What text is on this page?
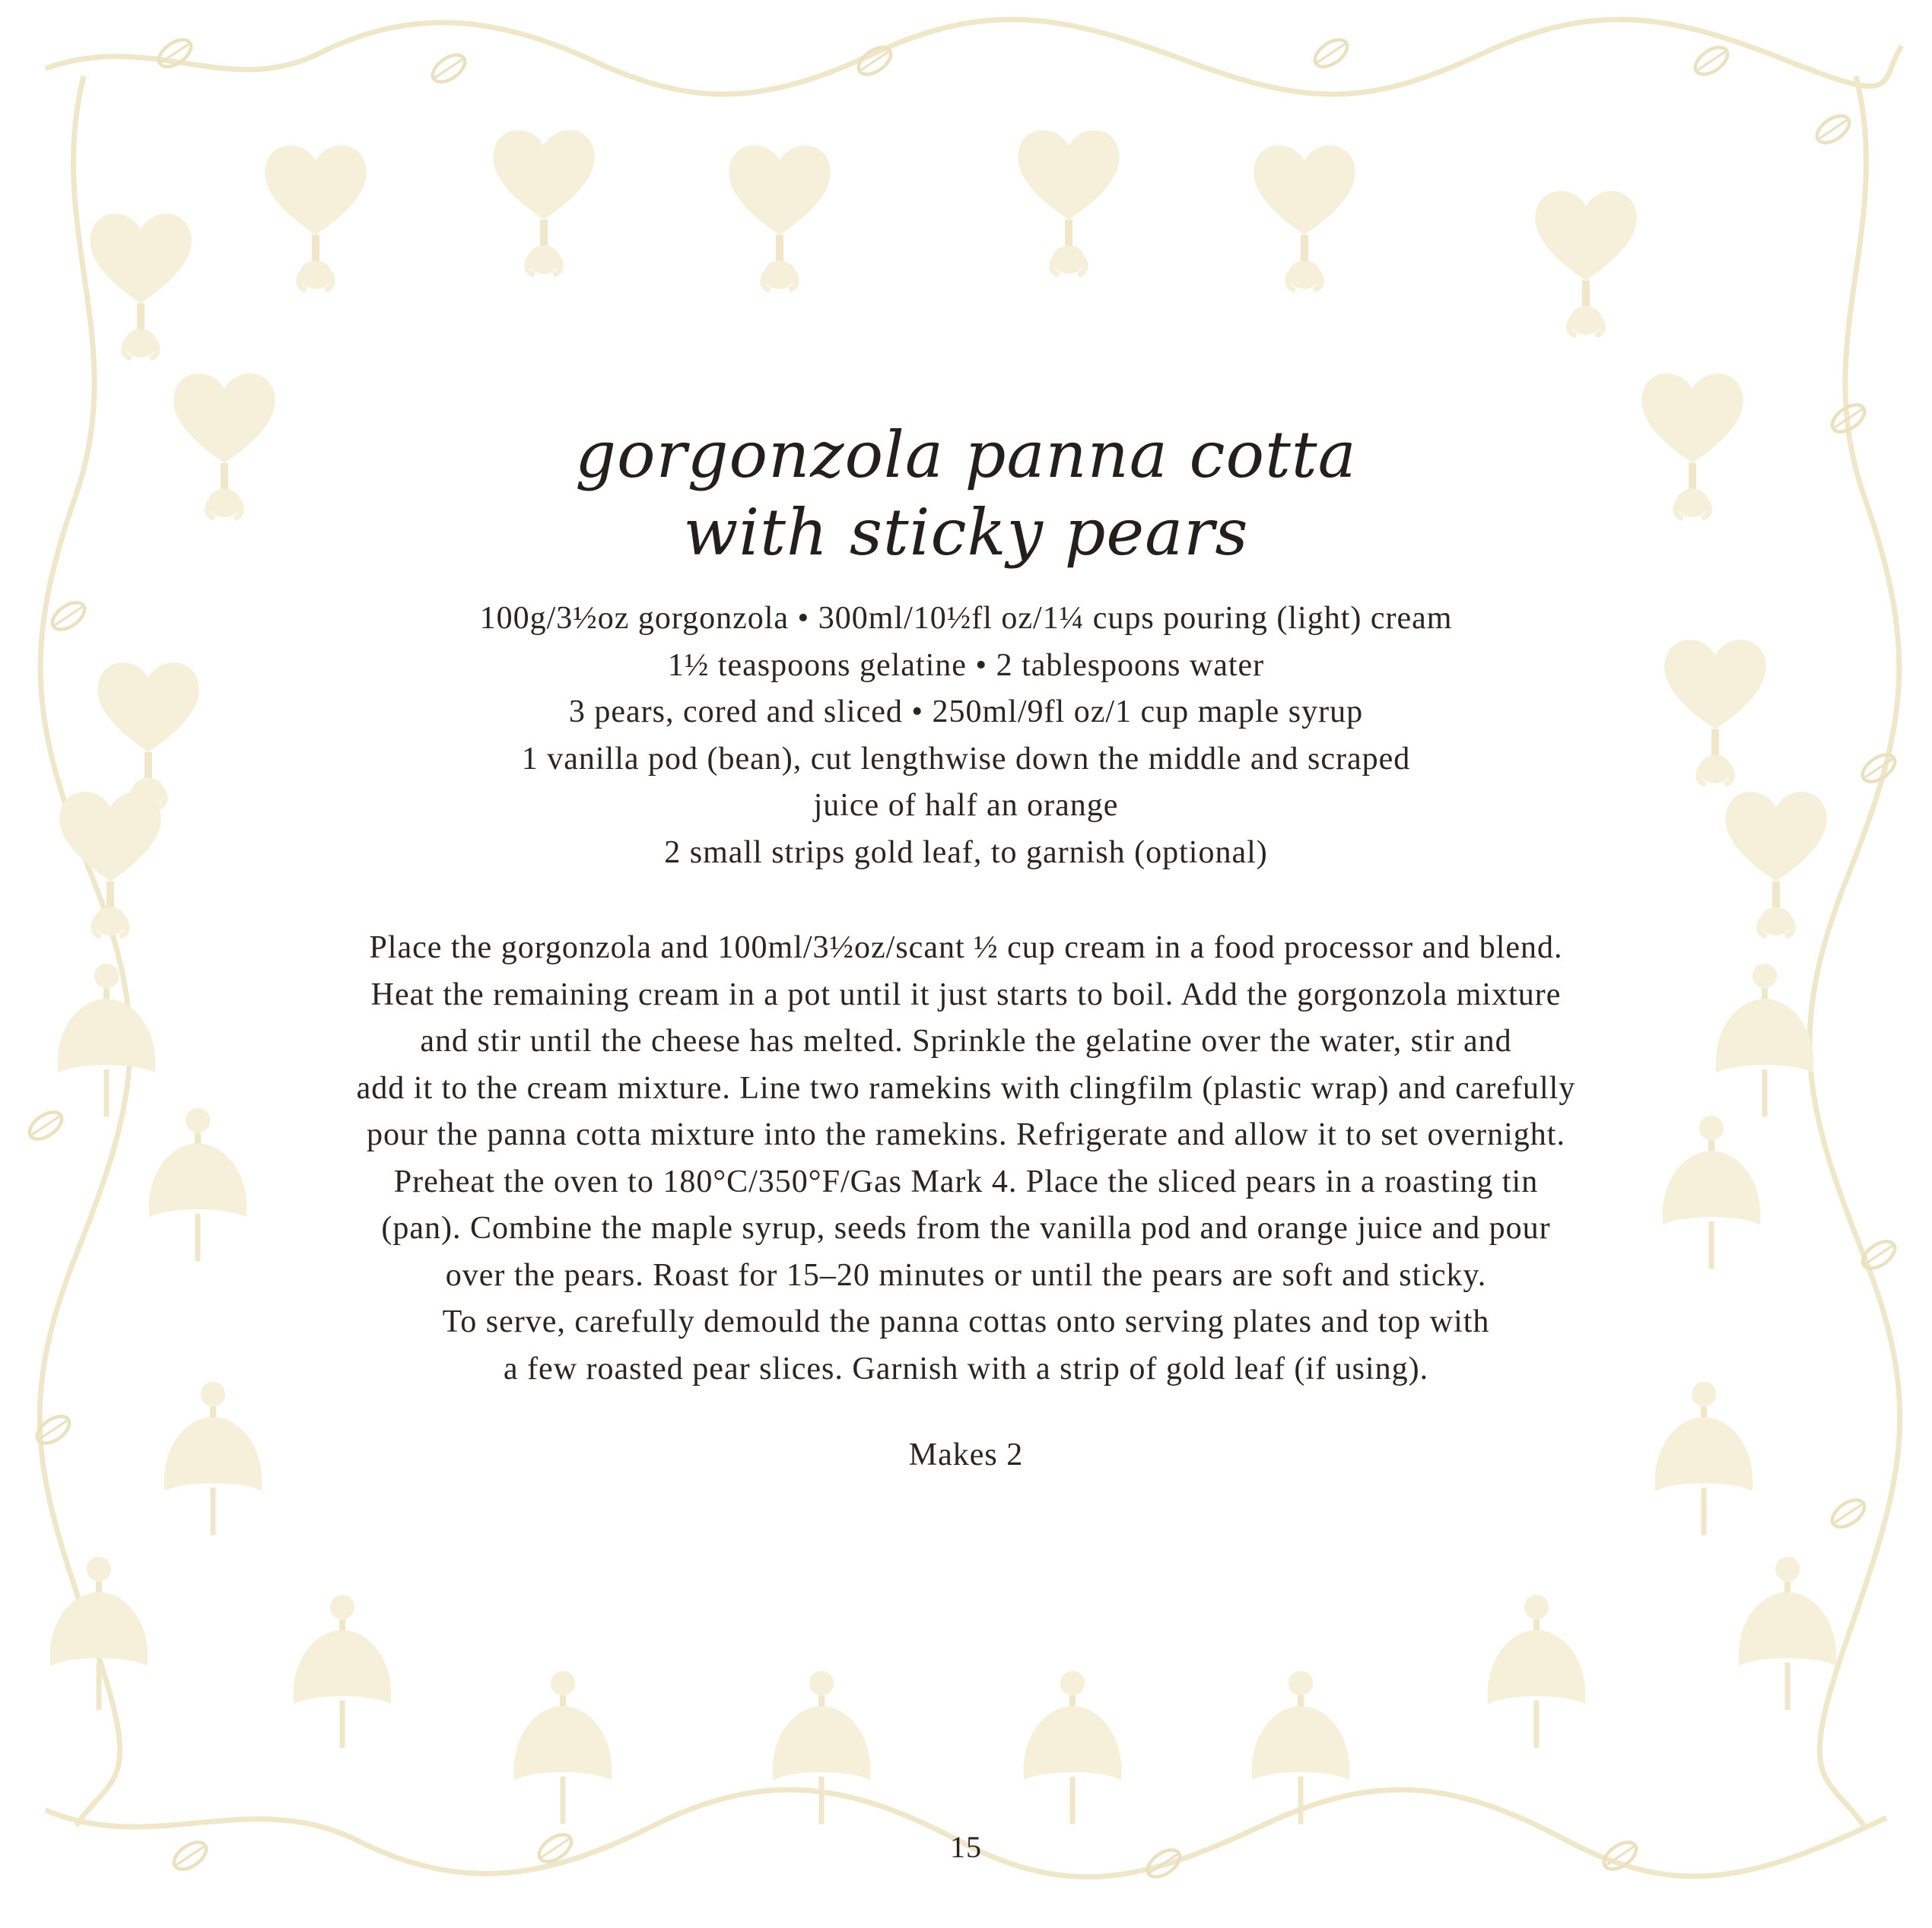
gorgonzola panna cotta
with sticky pears
100g/3½oz gorgonzola • 300ml/10½fl oz/1¼ cups pouring (light) cream
1½ teaspoons gelatine • 2 tablespoons water
3 pears, cored and sliced • 250ml/9fl oz/1 cup maple syrup
1 vanilla pod (bean), cut lengthwise down the middle and scraped
juice of half an orange
2 small strips gold leaf, to garnish (optional)
Place the gorgonzola and 100ml/3½oz/scant ½ cup cream in a food processor and blend.
Heat the remaining cream in a pot until it just starts to boil. Add the gorgonzola mixture
and stir until the cheese has melted. Sprinkle the gelatine over the water, stir and
add it to the cream mixture. Line two ramekins with clingfilm (plastic wrap) and carefully
pour the panna cotta mixture into the ramekins. Refrigerate and allow it to set overnight.
Preheat the oven to 180°C/350°F/Gas Mark 4. Place the sliced pears in a roasting tin
(pan). Combine the maple syrup, seeds from the vanilla pod and orange juice and pour
over the pears. Roast for 15–20 minutes or until the pears are soft and sticky.
To serve, carefully demould the panna cottas onto serving plates and top with
a few roasted pear slices. Garnish with a strip of gold leaf (if using).
Makes 2
15
